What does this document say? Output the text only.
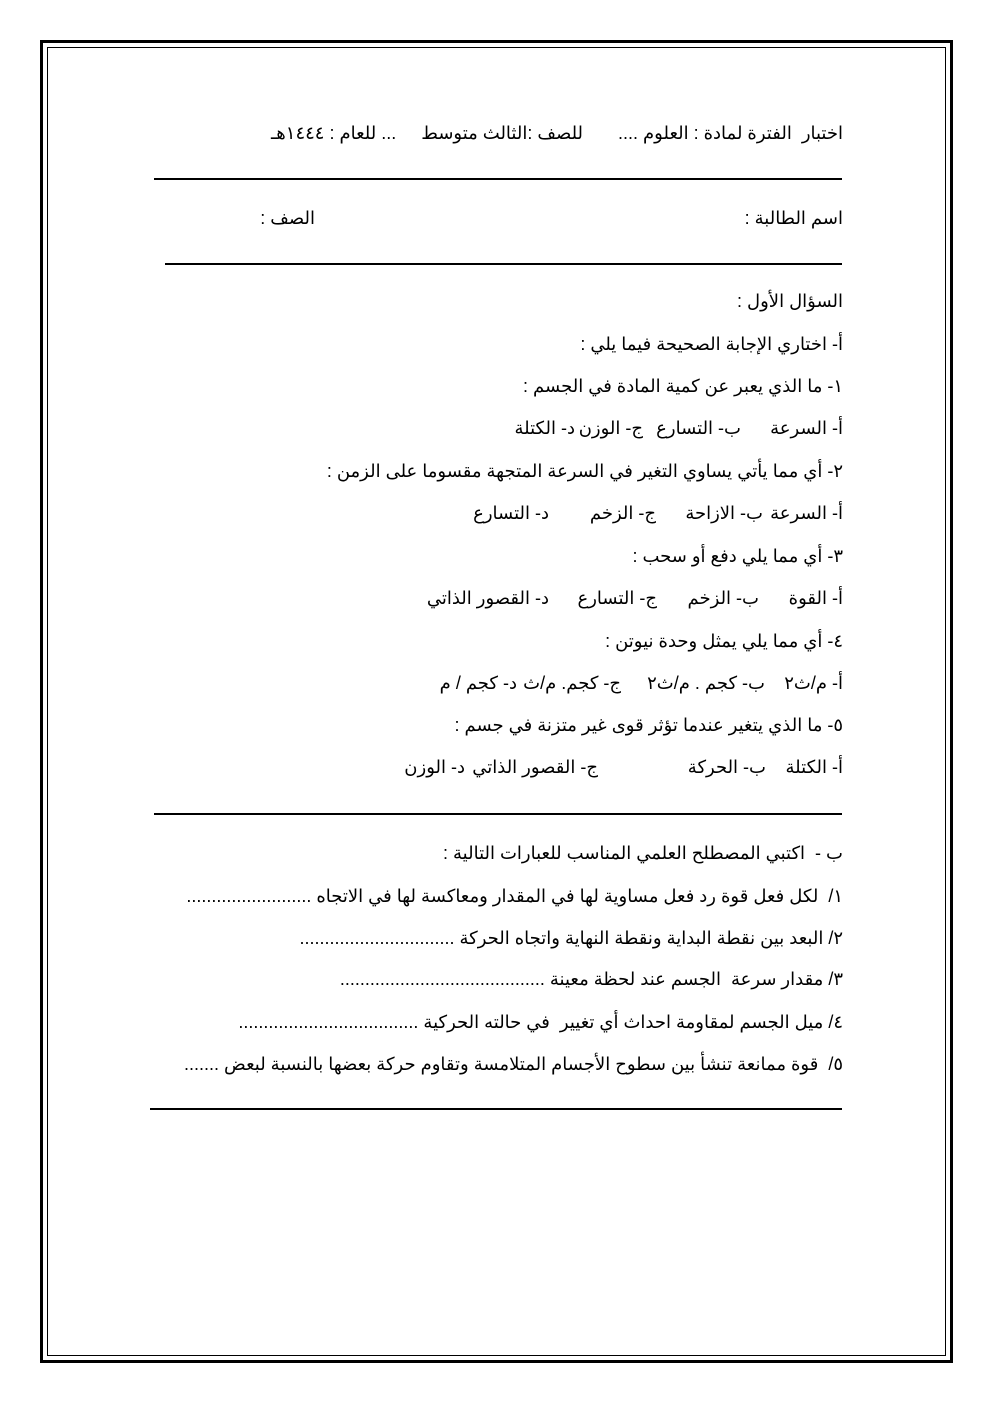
اختبار  الفترة لمادة : العلوم ....       للصف :الثالث متوسط     ... للعام : ١٤٤٤هـ
اسم الطالبة :
الصف :
السؤال الأول :
أ- اختاري الإجابة الصحيحة فيما يلي :
١- ما الذي يعبر عن كمية المادة في الجسم :
أ- السرعة
ب- التسارع
ج- الوزن
د- الكتلة
٢- أي مما يأتي يساوي التغير في السرعة المتجهة مقسوما على الزمن :
أ- السرعة
ب- الازاحة
ج- الزخم
د- التسارع
٣- أي مما يلي دفع أو سحب :
أ- القوة
ب- الزخم
ج- التسارع
د- القصور الذاتي
٤- أي مما يلي يمثل وحدة نيوتن :
أ- م/ث٢
ب- كجم . م/ث٢
ج- كجم. م/ث
د- كجم / م
٥- ما الذي يتغير عندما تؤثر قوى غير متزنة في جسم :
أ- الكتلة
ب- الحركة
ج- القصور الذاتي
د- الوزن
ب -  اكتبي المصطلح العلمي المناسب للعبارات التالية :
١/  لكل فعل قوة رد فعل مساوية لها في المقدار ومعاكسة لها في الاتجاه .........................
٢/ البعد بين نقطة البداية ونقطة النهاية واتجاه الحركة ...............................
٣/ مقدار سرعة  الجسم عند لحظة معينة .........................................
٤/ ميل الجسم لمقاومة احداث أي تغيير  في حالته الحركية ....................................
٥/  قوة ممانعة تنشأ بين سطوح الأجسام المتلامسة وتقاوم حركة بعضها بالنسبة لبعض .......
